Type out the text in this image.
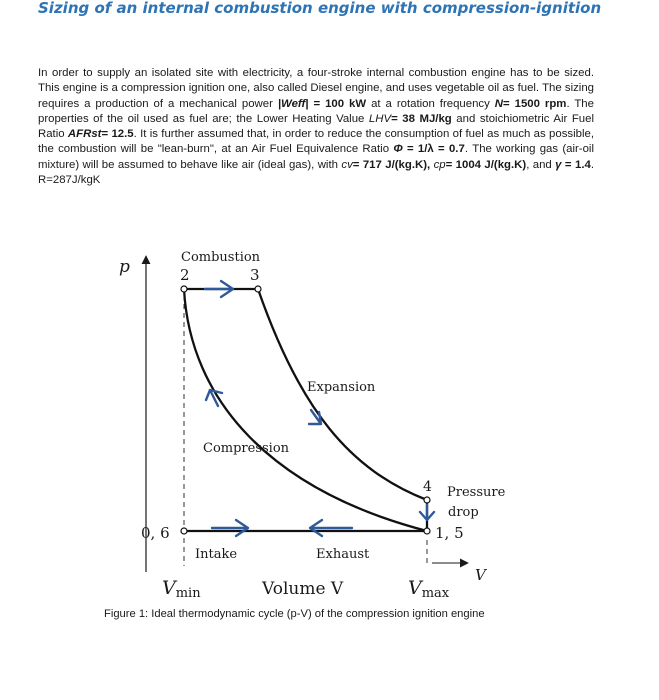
Sizing of an internal combustion engine with compression-ignition

In order to supply an isolated site with electricity, a four-stroke internal combustion engine has to be sized. This engine is a compression ignition one, also called Diesel engine, and uses vegetable oil as fuel. The sizing requires a production of a mechanical power |Weff| = 100 kW at a rotation frequency N= 1500 rpm. The properties of the oil used as fuel are; the Lower Heating Value LHV= 38 MJ/kg and stoichiometric Air Fuel Ratio AFRst= 12.5. It is further assumed that, in order to reduce the consumption of fuel as much as possible, the combustion will be "lean-burn", at an Air Fuel Equivalence Ratio Φ = 1/λ = 0.7. The working gas (air-oil mixture) will be assumed to behave like air (ideal gas), with cv= 717 J/(kg.K), cp= 1004 J/(kg.K), and γ = 1.4. R=287J/kgK

p
V
Combustion
2	3
Expansion
Compression
4 Pressure
drop
1, 5
0, 6
Intake	Exhaust
Vmin	Volume V	Vmax

Figure 1: Ideal thermodynamic cycle (p-V) of the compression ignition engine
